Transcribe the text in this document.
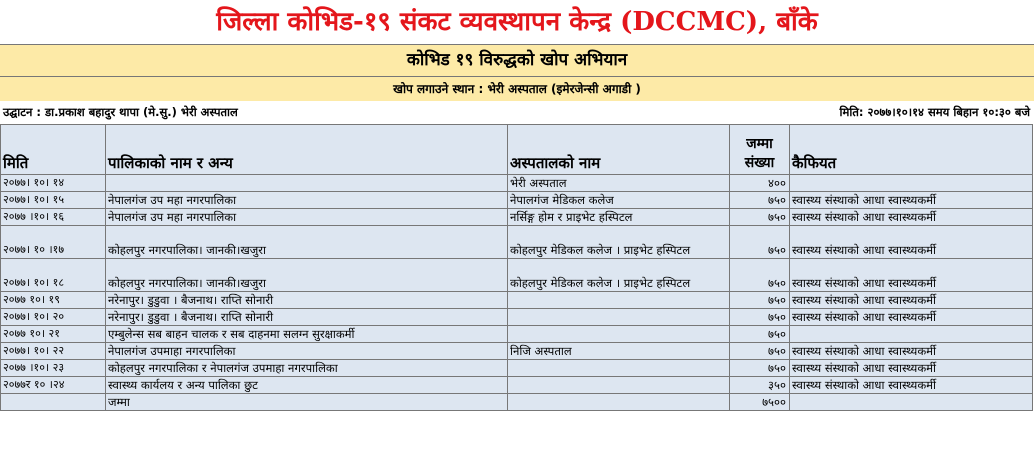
जिल्ला कोभिड-१९ संकट व्यवस्थापन केन्द्र (DCCMC), बाँके
कोभिड १९ विरुद्धको खोप अभियान
खोप लगाउने स्थान : भेरी अस्पताल (इमेरजेन्सी अगाडी )
उद्घाटन : डा.प्रकाश बहादुर थापा (मे.सु.) भेरी अस्पताल	मिति: २०७७।१०।१४ समय बिहान १०:३० बजे
मिति	पालिकाको नाम र अन्य	अस्पतालको नाम	जम्मा संख्या	कैफियत
२०७७। १०। १४		भेरी अस्पताल	४००	
२०७७। १०। १५	नेपालगंज उप महा नगरपालिका	नेपालगंज मेडिकल कलेज	७५०	स्वास्थ्य संस्थाको आधा स्वास्थ्यकर्मी
२०७७ ।१०। १६	नेपालगंज उप महा नगरपालिका	नर्सिङ्ग होम र प्राइभेट हस्पिटल	७५०	स्वास्थ्य संस्थाको आधा स्वास्थ्यकर्मी
२०७७। १० ।१७	कोहलपुर नगरपालिका। जानकी।खजुरा	कोहलपुर मेडिकल कलेज । प्राइभेट हस्पिटल	७५०	स्वास्थ्य संस्थाको आधा स्वास्थ्यकर्मी
२०७७। १०। १८	कोहलपुर नगरपालिका। जानकी।खजुरा	कोहलपुर मेडिकल कलेज । प्राइभेट हस्पिटल	७५०	स्वास्थ्य संस्थाको आधा स्वास्थ्यकर्मी
२०७७ १०। १९	नरेनापुर। डुडुवा । बैजनाथ। राप्ति सोनारी		७५०	स्वास्थ्य संस्थाको आधा स्वास्थ्यकर्मी
२०७७। १०। २०	नरेनापुर। डुडुवा । बैजनाथ। राप्ति सोनारी		७५०	स्वास्थ्य संस्थाको आधा स्वास्थ्यकर्मी
२०७७ १०। २१	एम्बुलेन्स सब बाहन चालक र सब दाहनमा सलग्न सुरक्षाकर्मी		७५०	
२०७७। १०। २२	नेपालगंज उपमाहा नगरपालिका	निजि अस्पताल	७५०	स्वास्थ्य संस्थाको आधा स्वास्थ्यकर्मी
२०७७ ।१०। २३	कोहलपुर नगरपालिका र नेपालगंज उपमाहा नगरपालिका		७५०	स्वास्थ्य संस्थाको आधा स्वास्थ्यकर्मी
२०७७र १० ।२४	स्वास्थ्य कार्यलय र अन्य पालिका छुट		३५०	स्वास्थ्य संस्थाको आधा स्वास्थ्यकर्मी
	जम्मा		७५००	
